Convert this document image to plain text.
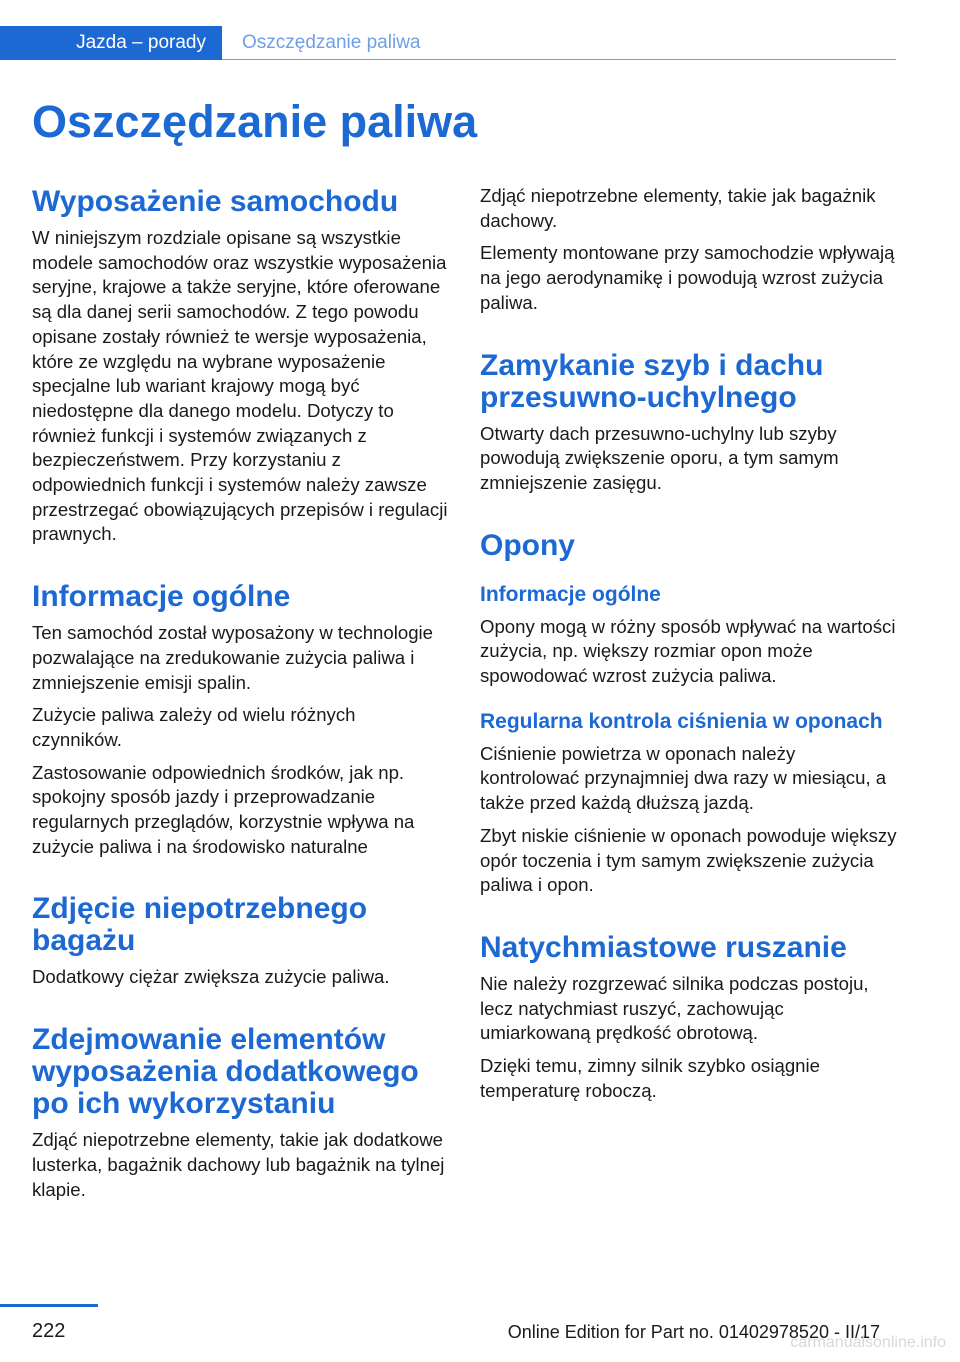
Jazda – porady Oszczędzanie paliwa
Oszczędzanie paliwa
Wyposażenie samochodu

W niniejszym rozdziale opisane są wszystkie modele samochodów oraz wszystkie wyposażenia seryjne, krajowe a także seryjne, które oferowane są dla danej serii samochodów. Z tego powodu opisane zostały również te wersje wyposażenia, które ze względu na wybrane wyposażenie specjalne lub wariant krajowy mogą być niedostępne dla danego modelu. Dotyczy to również funkcji i systemów związanych z bezpieczeństwem. Przy korzystaniu z odpowiednich funkcji i systemów należy zawsze przestrzegać obowiązujących przepisów i regulacji prawnych.

Informacje ogólne

Ten samochód został wyposażony w technologie pozwalające na zredukowanie zużycia paliwa i zmniejszenie emisji spalin.

Zużycie paliwa zależy od wielu różnych czynników.

Zastosowanie odpowiednich środków, jak np. spokojny sposób jazdy i przeprowadzanie regularnych przeglądów, korzystnie wpływa na zużycie paliwa i na środowisko naturalne

Zdjęcie niepotrzebnego bagażu

Dodatkowy ciężar zwiększa zużycie paliwa.

Zdejmowanie elementów wyposażenia dodatkowego po ich wykorzystaniu

Zdjąć niepotrzebne elementy, takie jak dodatkowe lusterka, bagażnik dachowy lub bagażnik na tylnej klapie.

Zdjąć niepotrzebne elementy, takie jak bagażnik dachowy.

Elementy montowane przy samochodzie wpływają na jego aerodynamikę i powodują wzrost zużycia paliwa.

Zamykanie szyb i dachu przesuwno-uchylnego

Otwarty dach przesuwno-uchylny lub szyby powodują zwiększenie oporu, a tym samym zmniejszenie zasięgu.

Opony
Informacje ogólne

Opony mogą w różny sposób wpływać na wartości zużycia, np. większy rozmiar opon może spowodować wzrost zużycia paliwa.

Regularna kontrola ciśnienia w oponach

Ciśnienie powietrza w oponach należy kontrolować przynajmniej dwa razy w miesiącu, a także przed każdą dłuższą jazdą.

Zbyt niskie ciśnienie w oponach powoduje większy opór toczenia i tym samym zwiększenie zużycia paliwa i opon.

Natychmiastowe ruszanie

Nie należy rozgrzewać silnika podczas postoju, lecz natychmiast ruszyć, zachowując umiarkowaną prędkość obrotową.

Dzięki temu, zimny silnik szybko osiągnie temperaturę roboczą.

222	Online Edition for Part no. 01402978520 - II/17
carmanualsonline.info
